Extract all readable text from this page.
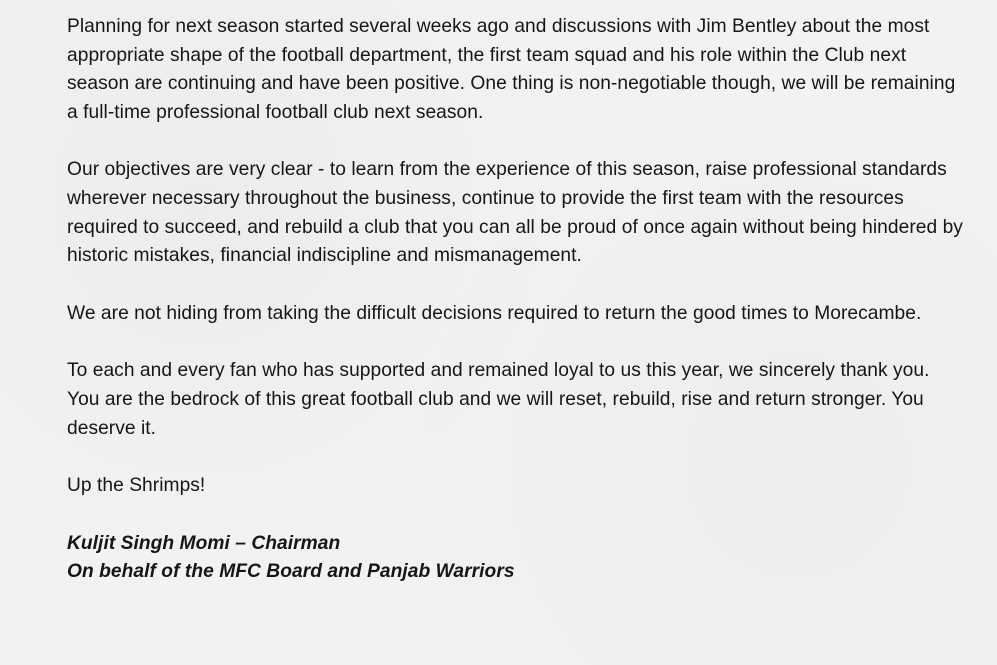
Planning for next season started several weeks ago and discussions with Jim Bentley about the most appropriate shape of the football department, the first team squad and his role within the Club next season are continuing and have been positive. One thing is non-negotiable though, we will be remaining a full-time professional football club next season.

Our objectives are very clear - to learn from the experience of this season, raise professional standards wherever necessary throughout the business, continue to provide the first team with the resources required to succeed, and rebuild a club that you can all be proud of once again without being hindered by historic mistakes, financial indiscipline and mismanagement.

We are not hiding from taking the difficult decisions required to return the good times to Morecambe.

To each and every fan who has supported and remained loyal to us this year, we sincerely thank you. You are the bedrock of this great football club and we will reset, rebuild, rise and return stronger. You deserve it.

Up the Shrimps!

Kuljit Singh Momi – Chairman

On behalf of the MFC Board and Panjab Warriors
